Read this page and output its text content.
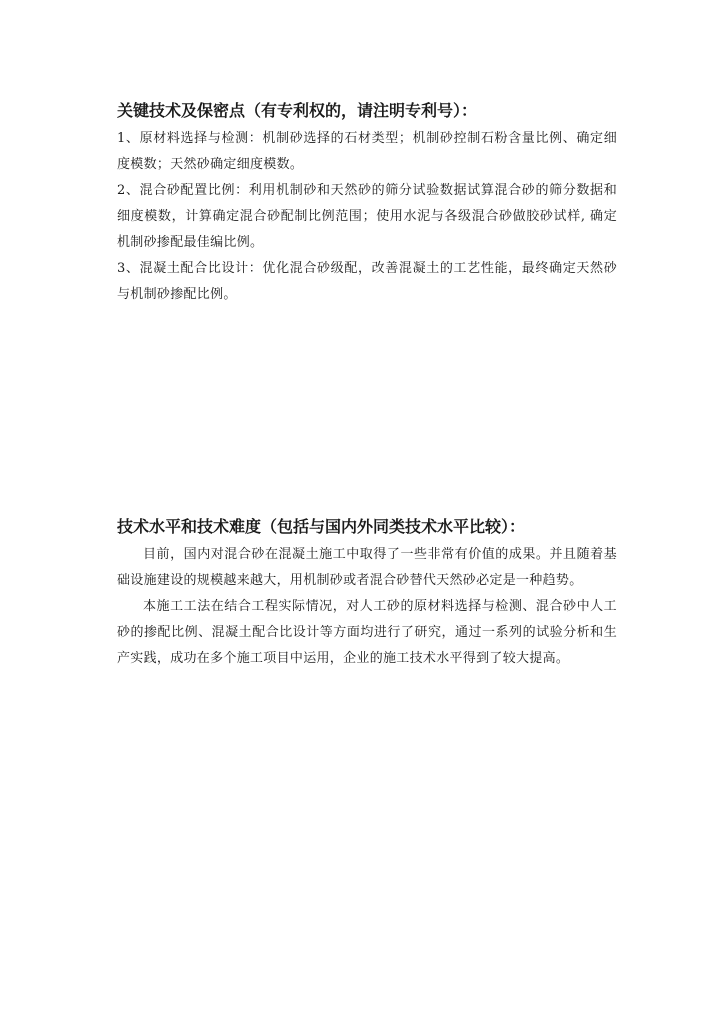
关键技术及保密点（有专利权的，请注明专利号）：

1、原材料选择与检测：机制砂选择的石材类型；机制砂控制石粉含量比例、确定细度模数；天然砂确定细度模数。

2、混合砂配置比例：利用机制砂和天然砂的筛分试验数据试算混合砂的筛分数据和细度模数，计算确定混合砂配制比例范围；使用水泥与各级混合砂做胶砂试样, 确定机制砂掺配最佳编比例。

3、混凝土配合比设计：优化混合砂级配，改善混凝土的工艺性能，最终确定天然砂与机制砂掺配比例。

技术水平和技术难度（包括与国内外同类技术水平比较）：

目前，国内对混合砂在混凝土施工中取得了一些非常有价值的成果。并且随着基础设施建设的规模越来越大，用机制砂或者混合砂替代天然砂必定是一种趋势。

本施工工法在结合工程实际情况，对人工砂的原材料选择与检测、混合砂中人工砂的掺配比例、混凝土配合比设计等方面均进行了研究，通过一系列的试验分析和生产实践，成功在多个施工项目中运用，企业的施工技术水平得到了较大提高。
